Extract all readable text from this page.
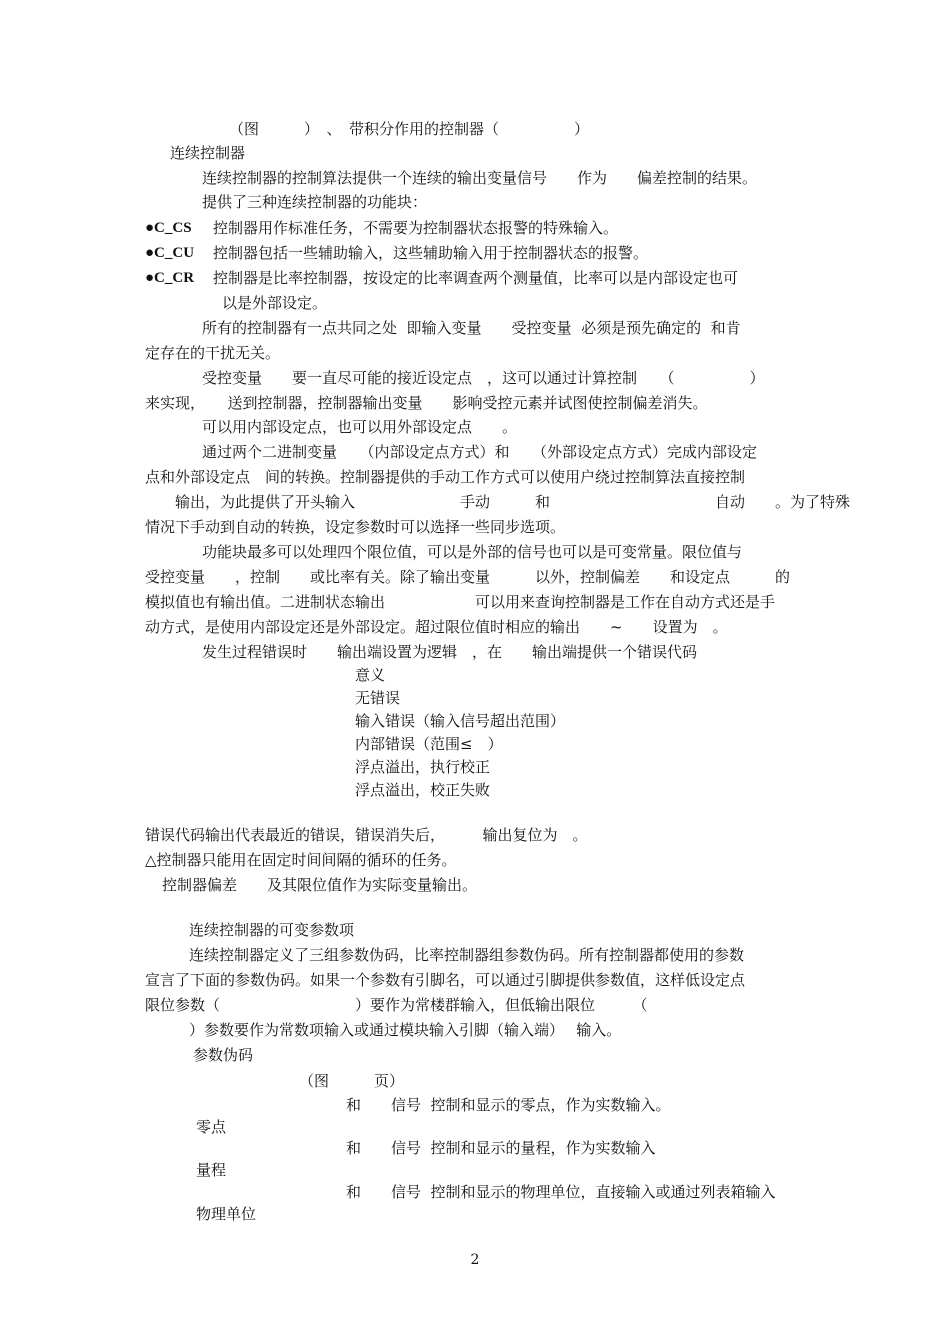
（图　　　）　、　带积分作用的控制器（　　　　　）
连续控制器
连续控制器的控制算法提供一个连续的输出变量信号　　作为　　偏差控制的结果。
提供了三种连续控制器的功能块：
●C_CS 控制器用作标准任务，不需要为控制器状态报警的特殊输入。
●C_CU 控制器包括一些辅助输入，这些辅助输入用于控制器状态的报警。
●C_CR 控制器是比率控制器，按设定的比率调查两个测量值，比率可以是内部设定也可
以是外部设定。
所有的控制器有一点共同之处  即输入变量　　受控变量  必须是预先确定的  和肯
定存在的干扰无关。
受控变量　　要一直尽可能的接近设定点　，这可以通过计算控制　　（　　　　　）
来实现，　　送到控制器，控制器输出变量　　影响受控元素并试图使控制偏差消失。
可以用内部设定点，也可以用外部设定点　　。
通过两个二进制变量　　（内部设定点方式）和　　（外部设定点方式）完成内部设定
点和外部设定点　间的转换。控制器提供的手动工作方式可以使用户绕过控制算法直接控制
　　输出，为此提供了开头输入　　　　　　　手动　　　和　　　　　　　　　　　自动　　。为了特殊
情况下手动到自动的转换，设定参数时可以选择一些同步选项。
功能块最多可以处理四个限位值，可以是外部的信号也可以是可变常量。限位值与
受控变量　　，控制　　或比率有关。除了输出变量　　　以外，控制偏差　　和设定点　　　的
模拟值也有输出值。二进制状态输出　　　　　　可以用来查询控制器是工作在自动方式还是手
动方式，是使用内部设定还是外部设定。超过限位值时相应的输出　　~　　设置为　。
发生过程错误时　　输出端设置为逻辑　，在　　输出端提供一个错误代码
意义
无错误
输入错误（输入信号超出范围）
内部错误（范围≤　）
浮点溢出，执行校正
浮点溢出，校正失败
错误代码输出代表最近的错误，错误消失后，　　　输出复位为　。
△控制器只能用在固定时间间隔的循环的任务。
控制器偏差　　及其限位值作为实际变量输出。
连续控制器的可变参数项
连续控制器定义了三组参数伪码，比率控制器组参数伪码。所有控制器都使用的参数
宣言了下面的参数伪码。如果一个参数有引脚名，可以通过引脚提供参数值，这样低设定点
限位参数（　　　　　　　　　）要作为常楼群输入，但低输出限位　　　（
）参数要作为常数项输入或通过模块输入引脚（输入端）　 输入。
参数伪码
（图　　　页）
和　　信号  控制和显示的零点，作为实数输入。
零点
和　　信号  控制和显示的量程，作为实数输入
量程
和　　信号  控制和显示的物理单位，直接输入或通过列表箱输入
物理单位
2
